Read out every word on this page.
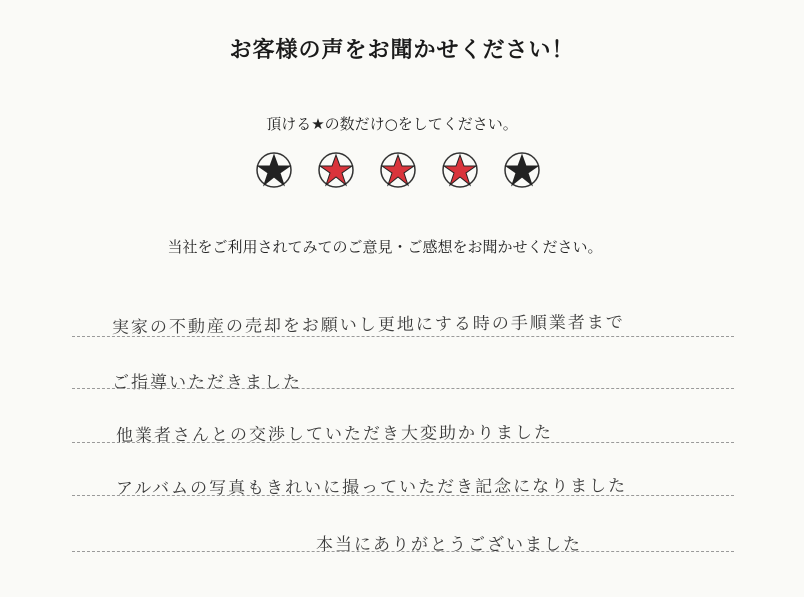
お客様の声をお聞かせください！
頂ける★の数だけ○をしてください。
当社をご利用されてみてのご意見・ご感想をお聞かせください。
実家の不動産の売却をお願いし更地にする時の手順業者まで
ご指導いただきました
他業者さんとの交渉していただき大変助かりました
アルバムの写真もきれいに撮っていただき記念になりました
本当にありがとうございました
